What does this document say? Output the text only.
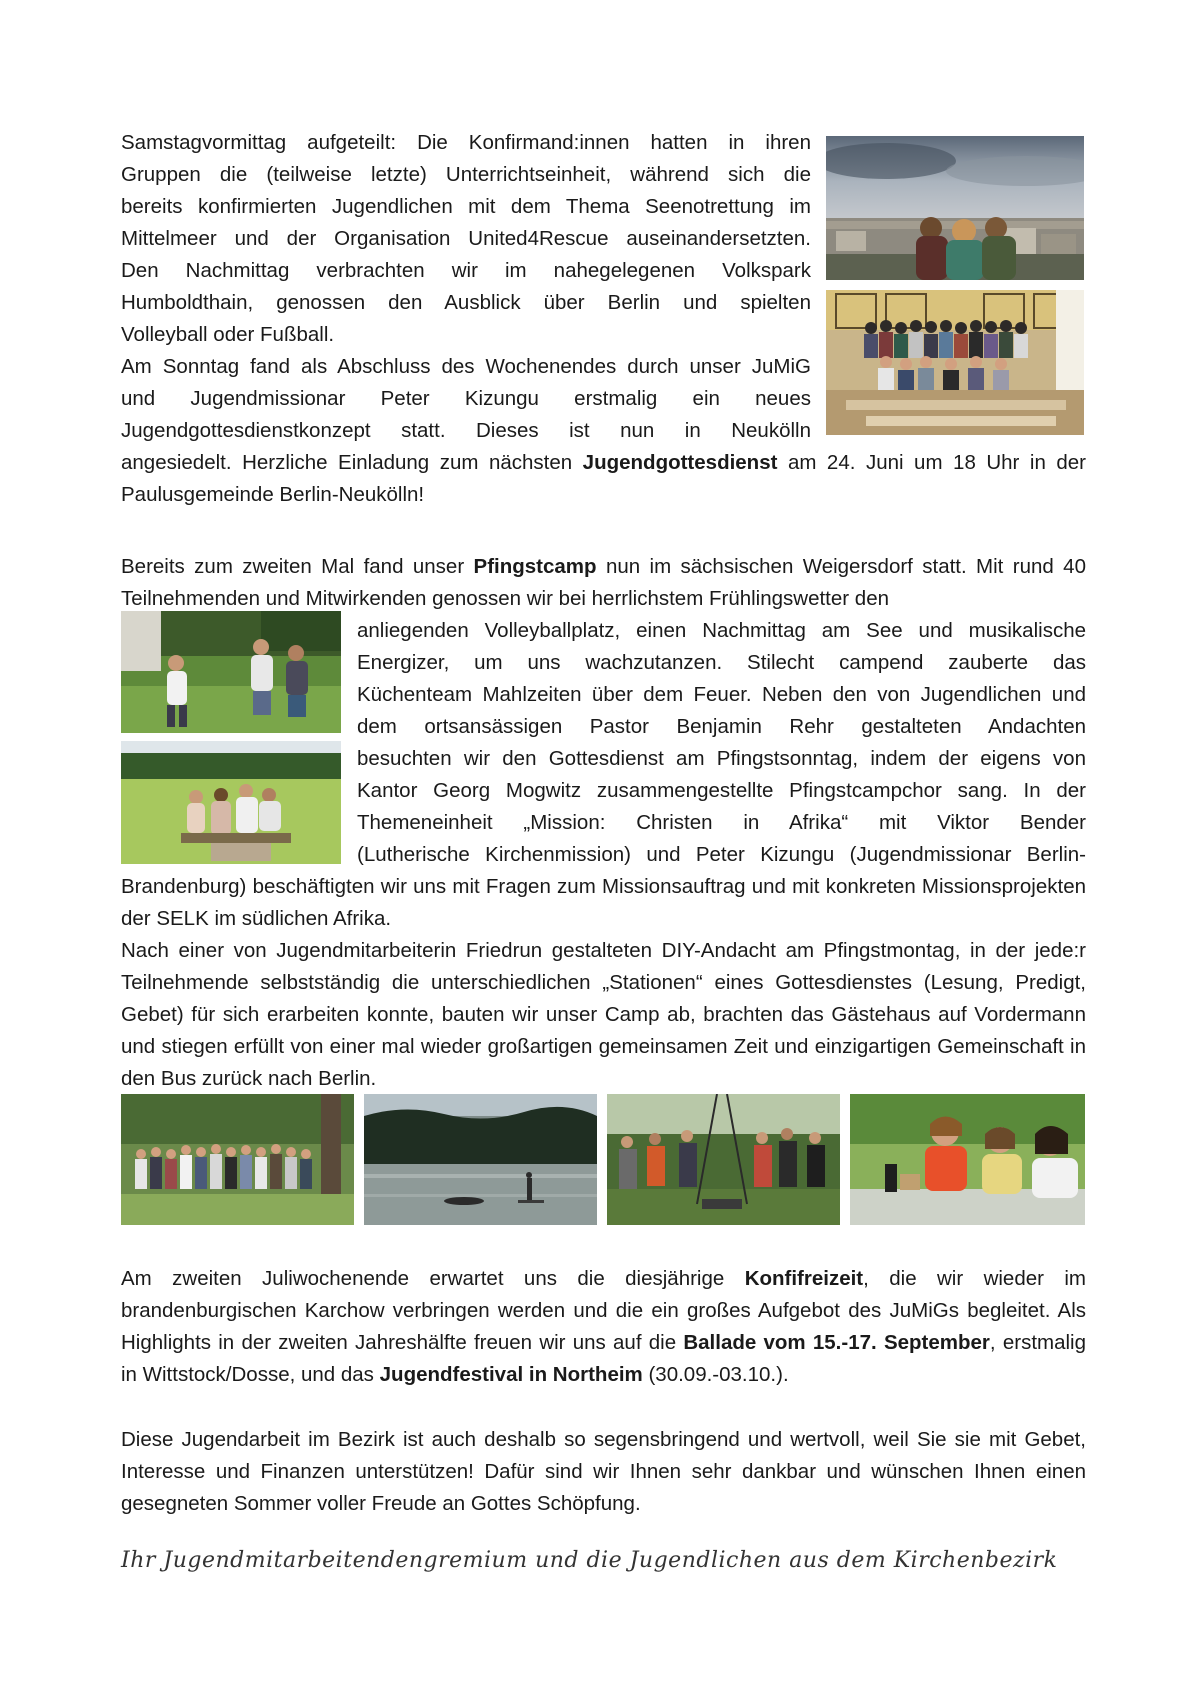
Samstagvormittag aufgeteilt: Die Konfirmand:innen hatten in ihren

Gruppen die (teilweise letzte) Unterrichtseinheit, während sich die

bereits konfirmierten Jugendlichen mit dem Thema Seenotrettung im

Mittelmeer und der Organisation United4Rescue auseinandersetzten.

Den Nachmittag verbrachten wir im nahegelegenen Volkspark

Humboldthain, genossen den Ausblick über Berlin und spielten

Volleyball oder Fußball.

Am Sonntag fand als Abschluss des Wochenendes durch unser JuMiG

und Jugendmissionar Peter Kizungu erstmalig ein neues

Jugendgottesdienstkonzept statt. Dieses ist nun in Neukölln

angesiedelt. Herzliche Einladung zum nächsten Jugendgottesdienst am 24. Juni um 18 Uhr in der Paulusgemeinde Berlin-Neukölln!

Bereits zum zweiten Mal fand unser Pfingstcamp nun im sächsischen Weigersdorf statt. Mit rund 40 Teilnehmenden und Mitwirkenden genossen wir bei herrlichstem Frühlingswetter den

anliegenden Volleyballplatz, einen Nachmittag am See und musikalische

Energizer, um uns wachzutanzen. Stilecht campend zauberte das

Küchenteam Mahlzeiten über dem Feuer. Neben den von Jugendlichen und

dem ortsansässigen Pastor Benjamin Rehr gestalteten Andachten

besuchten wir den Gottesdienst am Pfingstsonntag, indem der eigens von

Kantor Georg Mogwitz zusammengestellte Pfingstcampchor sang. In der

Themeneinheit „Mission: Christen in Afrika“ mit Viktor Bender

(Lutherische Kirchenmission) und Peter Kizungu (Jugendmissionar Berlin-

Brandenburg) beschäftigten wir uns mit Fragen zum Missionsauftrag und mit konkreten Missionsprojekten der SELK im südlichen Afrika.

Nach einer von Jugendmitarbeiterin Friedrun gestalteten DIY-Andacht am Pfingstmontag, in der jede:r Teilnehmende selbstständig die unterschiedlichen „Stationen“ eines Gottesdienstes (Lesung, Predigt, Gebet) für sich erarbeiten konnte, bauten wir unser Camp ab, brachten das Gästehaus auf Vordermann und stiegen erfüllt von einer mal wieder großartigen gemeinsamen Zeit und einzigartigen Gemeinschaft in den Bus zurück nach Berlin.

Am zweiten Juliwochenende erwartet uns die diesjährige Konfifreizeit, die wir wieder im brandenburgischen Karchow verbringen werden und die ein großes Aufgebot des JuMiGs begleitet. Als Highlights in der zweiten Jahreshälfte freuen wir uns auf die Ballade vom 15.-17. September, erstmalig in Wittstock/Dosse, und das Jugendfestival in Northeim (30.09.-03.10.).

Diese Jugendarbeit im Bezirk ist auch deshalb so segensbringend und wertvoll, weil Sie sie mit Gebet, Interesse und Finanzen unterstützen! Dafür sind wir Ihnen sehr dankbar und wünschen Ihnen einen gesegneten Sommer voller Freude an Gottes Schöpfung.

Ihr Jugendmitarbeitendengremium und die Jugendlichen aus dem Kirchenbezirk
